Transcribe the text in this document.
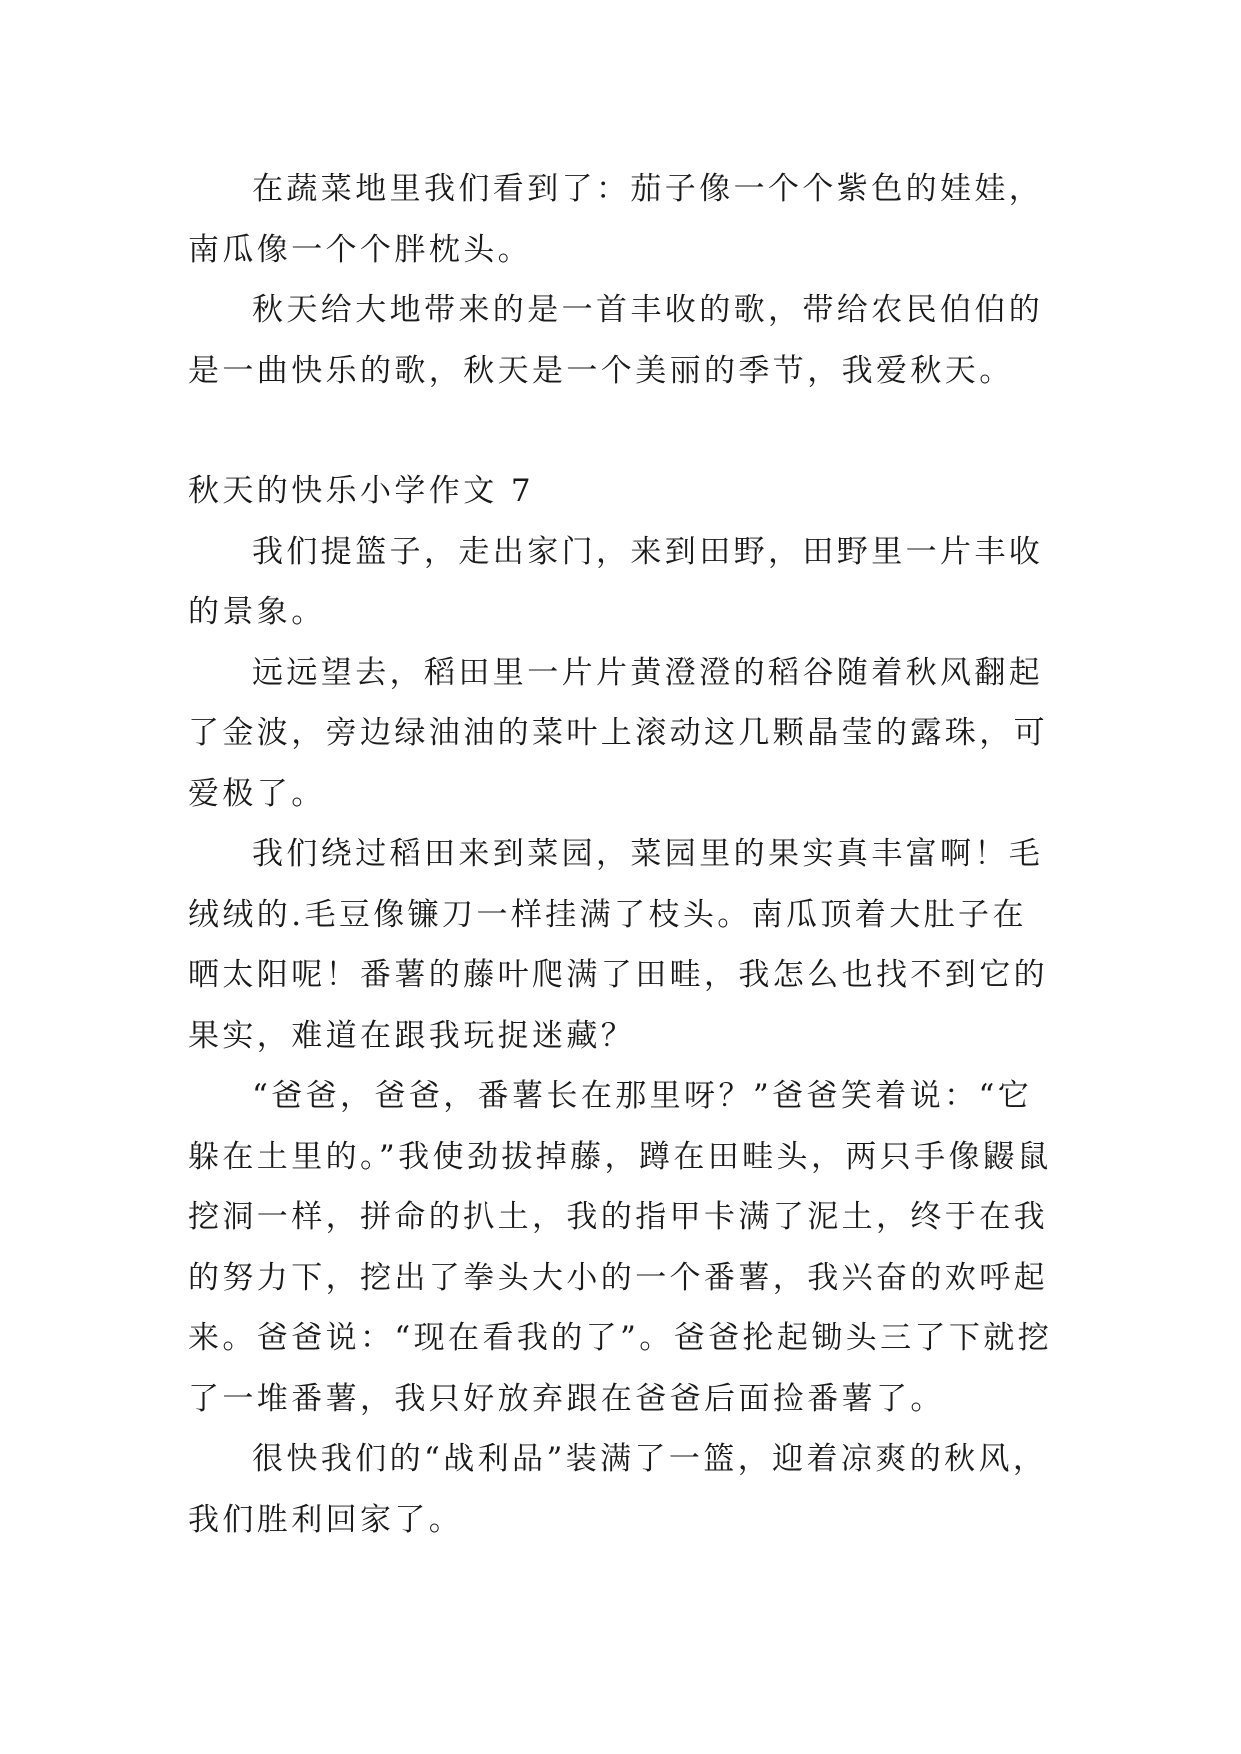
在蔬菜地里我们看到了：茄子像一个个紫色的娃娃，南瓜像一个个胖枕头。

秋天给大地带来的是一首丰收的歌，带给农民伯伯的是一曲快乐的歌，秋天是一个美丽的季节，我爱秋天。

秋天的快乐小学作文 7

我们提篮子，走出家门，来到田野，田野里一片丰收的景象。

远远望去，稻田里一片片黄澄澄的稻谷随着秋风翻起了金波，旁边绿油油的菜叶上滚动这几颗晶莹的露珠，可爱极了。

我们绕过稻田来到菜园，菜园里的果实真丰富啊！毛绒绒的.毛豆像镰刀一样挂满了枝头。南瓜顶着大肚子在晒太阳呢！番薯的藤叶爬满了田畦，我怎么也找不到它的果实，难道在跟我玩捉迷藏？

“爸爸，爸爸，番薯长在那里呀？”爸爸笑着说：“它躲在土里的。”我使劲拔掉藤，蹲在田畦头，两只手像鼹鼠挖洞一样，拼命的扒土，我的指甲卡满了泥土，终于在我的努力下，挖出了拳头大小的一个番薯，我兴奋的欢呼起来。爸爸说：“现在看我的了”。爸爸抡起锄头三了下就挖了一堆番薯，我只好放弃跟在爸爸后面捡番薯了。

很快我们的“战利品”装满了一篮，迎着凉爽的秋风，我们胜利回家了。
